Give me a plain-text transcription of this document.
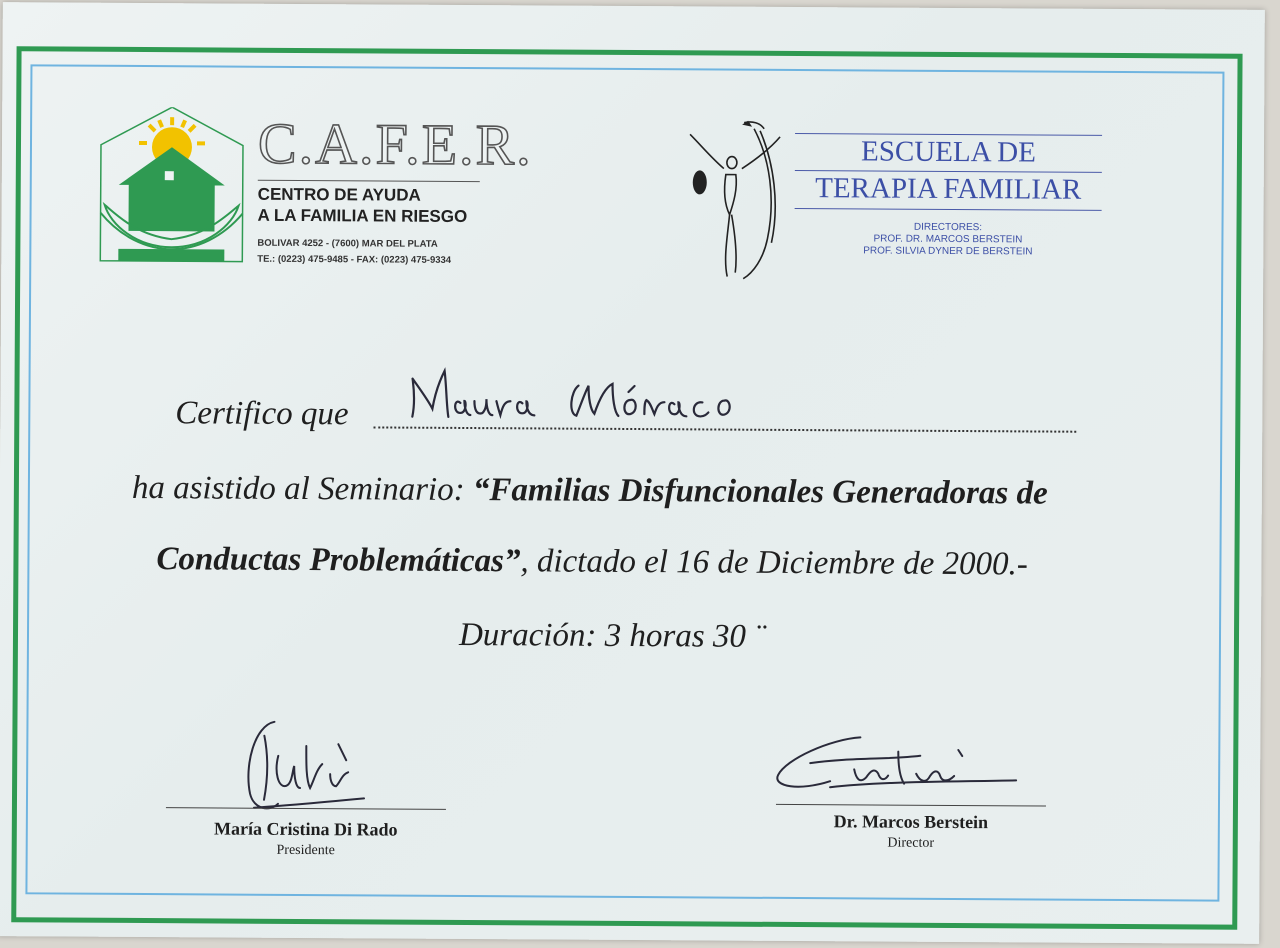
C.A.F.E.R.
CENTRO DE AYUDA
A LA FAMILIA EN RIESGO
BOLIVAR 4252 - (7600) MAR DEL PLATA
TE.: (0223) 475-9485 - FAX: (0223) 475-9334
ESCUELA DE
TERAPIA FAMILIAR
DIRECTORES:
PROF. DR. MARCOS BERSTEIN
PROF. SILVIA DYNER DE BERSTEIN
Certifico que
ha asistido al Seminario: “Familias Disfuncionales Generadoras de
Conductas Problemáticas”, dictado el 16 de Diciembre de 2000.-
Duración: 3 horas 30 ¨
María Cristina Di Rado
Presidente
Dr. Marcos Berstein
Director
